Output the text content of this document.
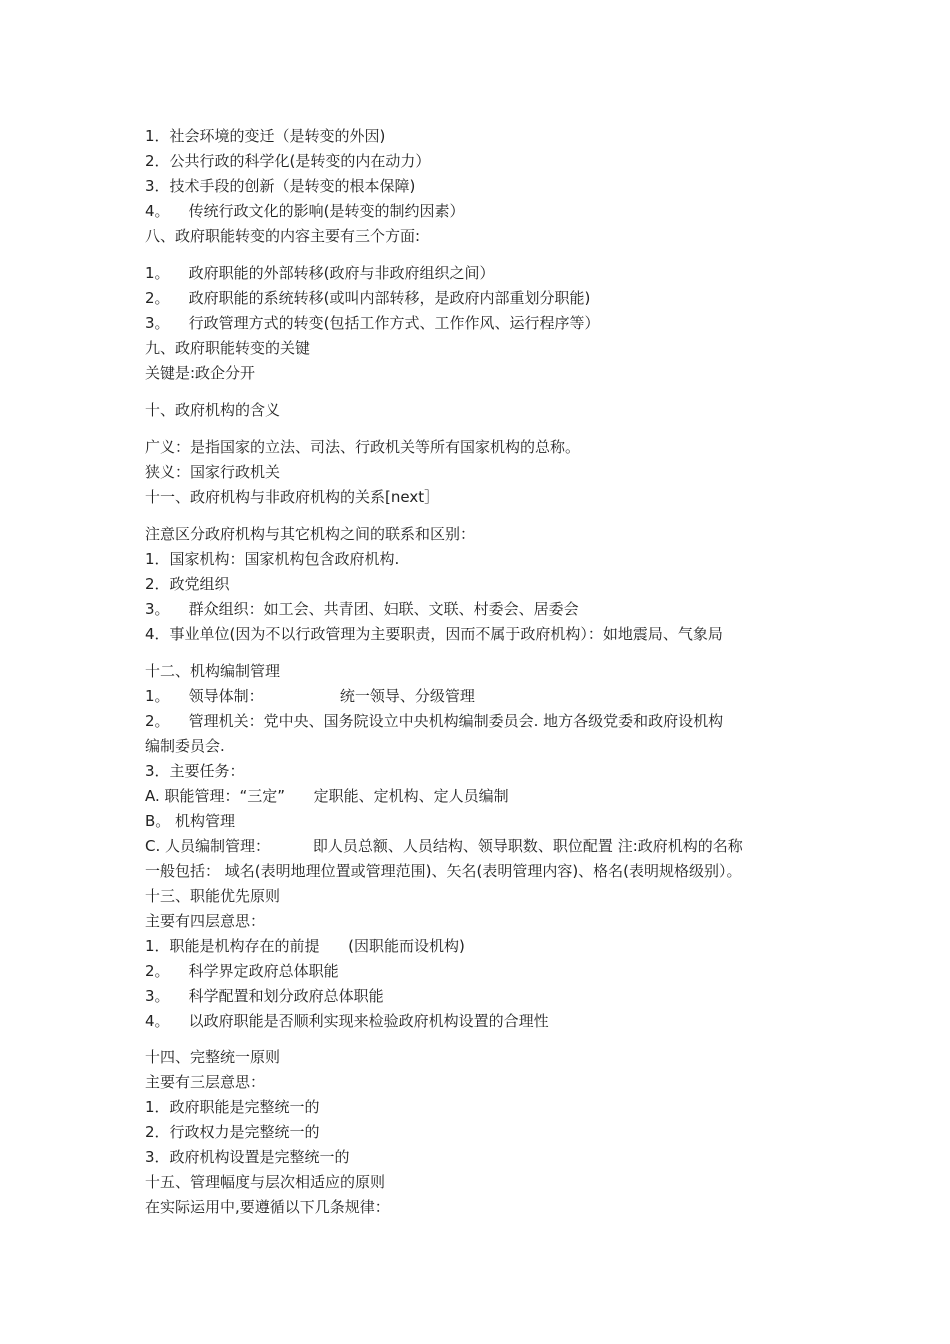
1．社会环境的变迁（是转变的外因)

2．公共行政的科学化(是转变的内在动力）

3．技术手段的创新（是转变的根本保障)

4。    传统行政文化的影响(是转变的制约因素）

八、政府职能转变的内容主要有三个方面:

1。    政府职能的外部转移(政府与非政府组织之间）

2。    政府职能的系统转移(或叫内部转移，是政府内部重划分职能)

3。    行政管理方式的转变(包括工作方式、工作作风、运行程序等）

九、政府职能转变的关键

关键是:政企分开

十、政府机构的含义

广义：是指国家的立法、司法、行政机关等所有国家机构的总称。

狭义：国家行政机关

十一、政府机构与非政府机构的关系[next］

注意区分政府机构与其它机构之间的联系和区别：

1．国家机构：国家机构包含政府机构.

2．政党组织

3。    群众组织：如工会、共青团、妇联、文联、村委会、居委会

4．事业单位(因为不以行政管理为主要职责，因而不属于政府机构）：如地震局、气象局

十二、机构编制管理

1。    领导体制：                统一领导、分级管理

2。    管理机关：党中央、国务院设立中央机构编制委员会. 地方各级党委和政府设机构

编制委员会.

3．主要任务：

A. 职能管理：“三定”      定职能、定机构、定人员编制

B。 机构管理

C. 人员编制管理：         即人员总额、人员结构、领导职数、职位配置 注:政府机构的名称

一般包括： 域名(表明地理位置或管理范围)、矢名(表明管理内容)、格名(表明规格级别）。

十三、职能优先原则

主要有四层意思：

1．职能是机构存在的前提      (因职能而设机构)

2。    科学界定政府总体职能

3。    科学配置和划分政府总体职能

4。    以政府职能是否顺利实现来检验政府机构设置的合理性

十四、完整统一原则

主要有三层意思：

1．政府职能是完整统一的

2．行政权力是完整统一的

3．政府机构设置是完整统一的

十五、管理幅度与层次相适应的原则

在实际运用中,要遵循以下几条规律：
